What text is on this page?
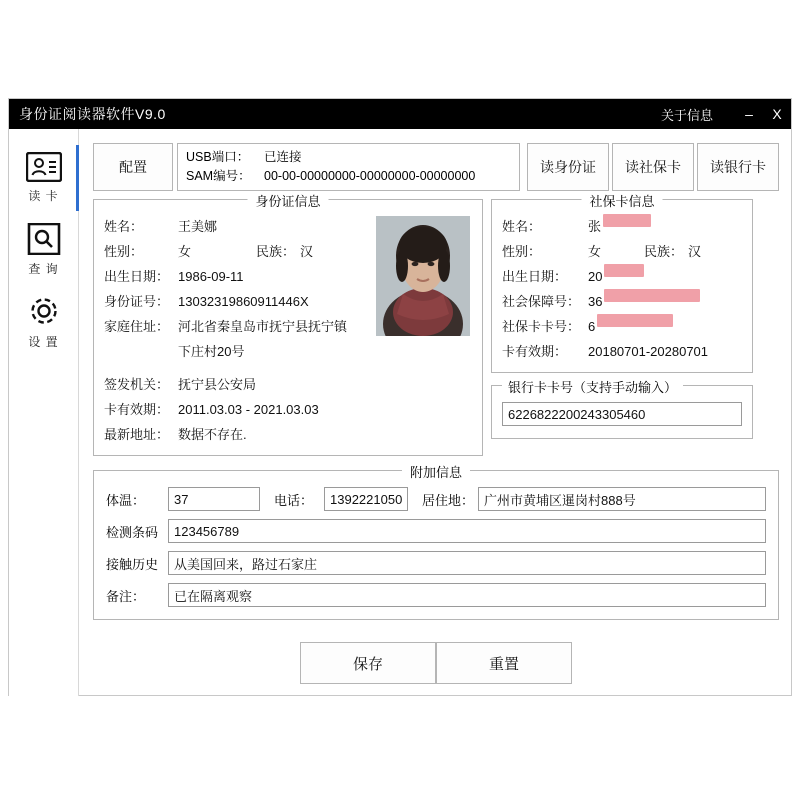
身份证阅读器软件V9.0	关于信息	–	X
读 卡
查 询
设 置
配置
USB端口：	已连接
SAM编号：	00-00-00000000-00000000-00000000
读身份证	读社保卡	读银行卡
身份证信息
姓名：	王美娜
性别：	女	民族： 汉
出生日期： 1986-09-11
身份证号： 13032319860911446X
家庭住址： 河北省秦皇岛市抚宁县抚宁镇
下庄村20号
签发机关： 抚宁县公安局
卡有效期： 2011.03.03 - 2021.03.03
最新地址： 数据不存在.
社保卡信息
姓名：	张
性别：	女	民族： 汉
出生日期：	20
社会保障号： 36
社保卡卡号： 6
卡有效期：	20180701-20280701
银行卡卡号（支持手动输入）
6226822200243305460
附加信息
体温：
37	电话：
13922210502	居住地：
广州市黄埔区暹岗村888号
检测条码
123456789
接触历史
从美国回来，路过石家庄
备注：
已在隔离观察
保存	重置
